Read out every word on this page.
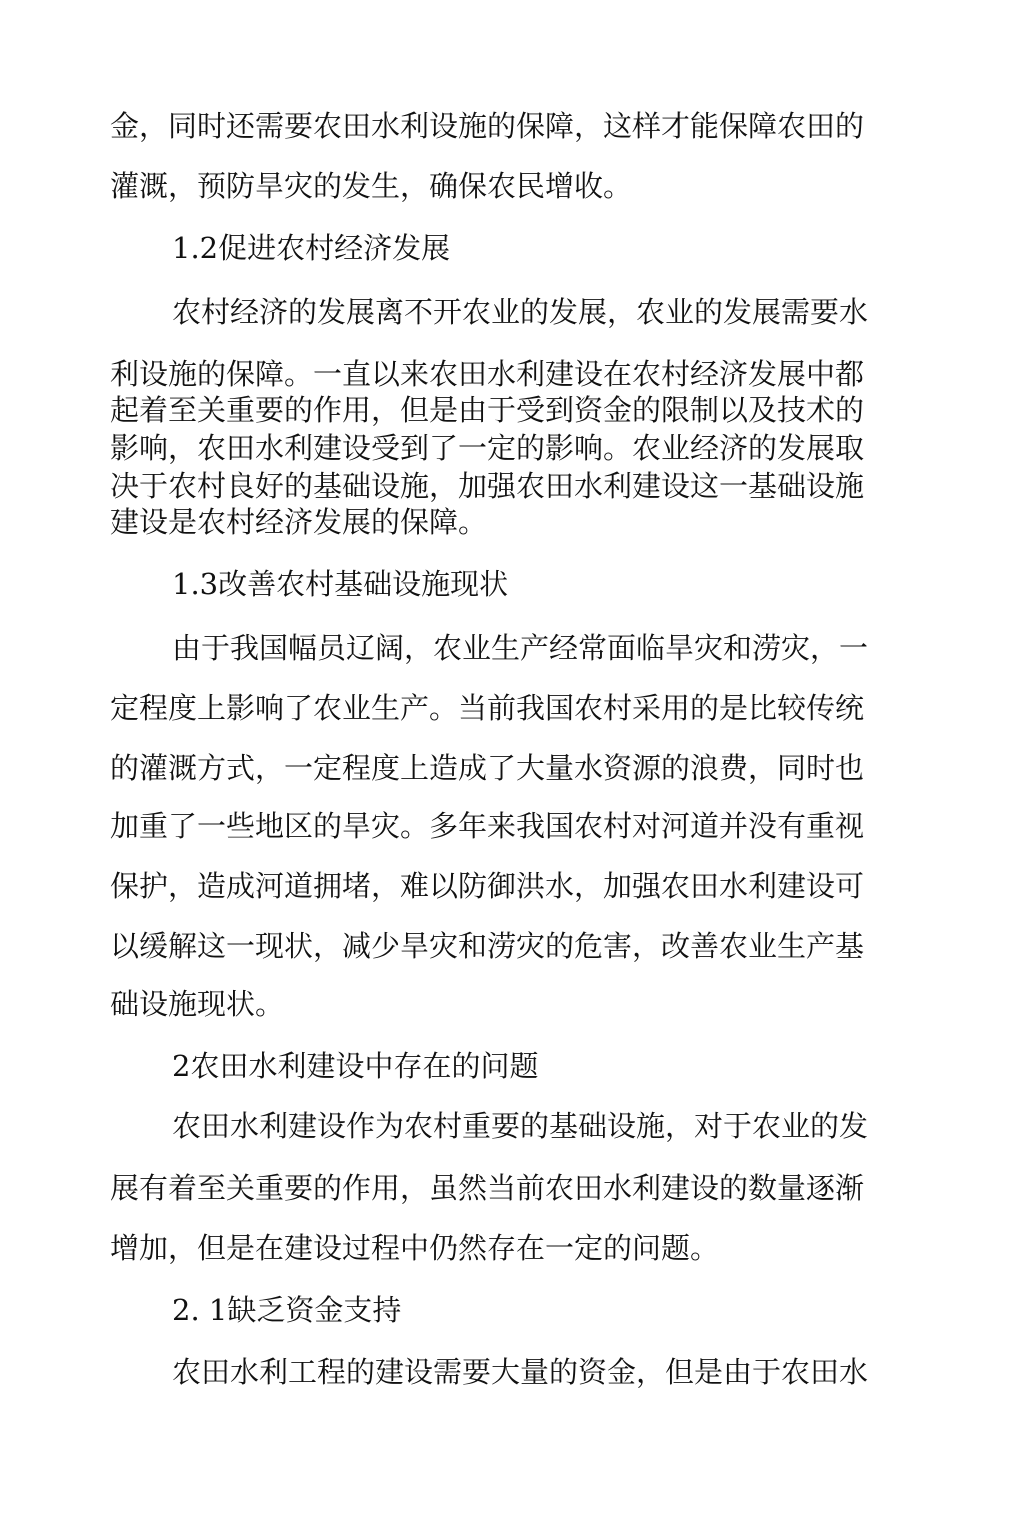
金，同时还需要农田水利设施的保障，这样才能保障农田的
灌溉，预防旱灾的发生，确保农民增收。
1.2促进农村经济发展
农村经济的发展离不开农业的发展，农业的发展需要水
利设施的保障。一直以来农田水利建设在农村经济发展中都
起着至关重要的作用，但是由于受到资金的限制以及技术的
影响，农田水利建设受到了一定的影响。农业经济的发展取
决于农村良好的基础设施，加强农田水利建设这一基础设施
建设是农村经济发展的保障。
1.3改善农村基础设施现状
由于我国幅员辽阔，农业生产经常面临旱灾和涝灾，一
定程度上影响了农业生产。当前我国农村采用的是比较传统
的灌溉方式，一定程度上造成了大量水资源的浪费，同时也
加重了一些地区的旱灾。多年来我国农村对河道并没有重视
保护，造成河道拥堵，难以防御洪水，加强农田水利建设可
以缓解这一现状，减少旱灾和涝灾的危害，改善农业生产基
础设施现状。
2农田水利建设中存在的问题
农田水利建设作为农村重要的基础设施，对于农业的发
展有着至关重要的作用，虽然当前农田水利建设的数量逐渐
增加，但是在建设过程中仍然存在一定的问题。
2. 1缺乏资金支持
农田水利工程的建设需要大量的资金，但是由于农田水
